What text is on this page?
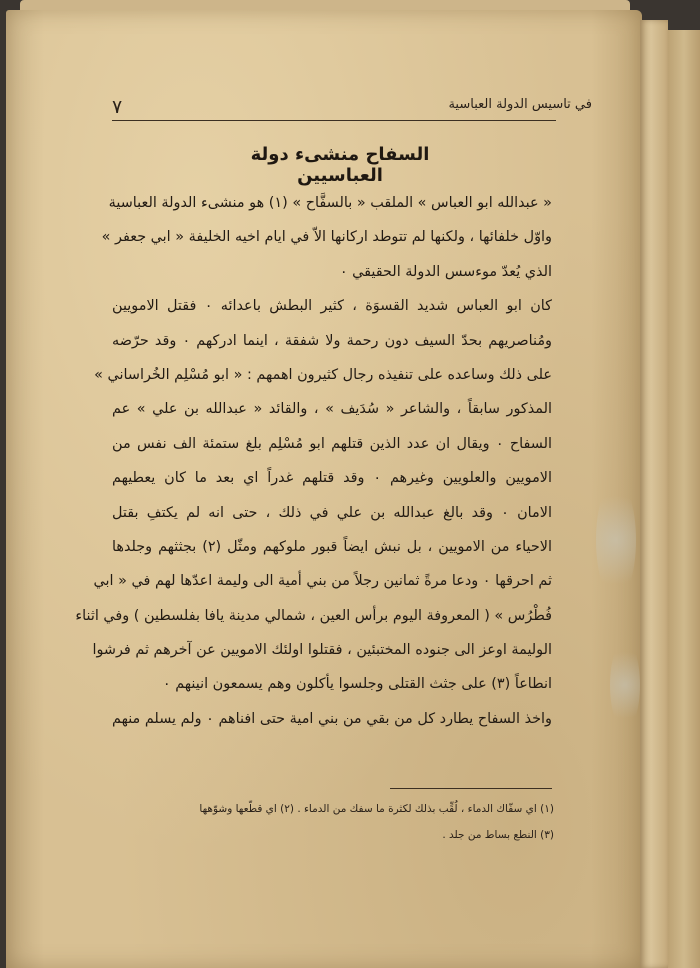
٧	في تاسيس الدولة العباسية
السفاح منشىء دولة العباسيين
« عبدالله ابو العباس » الملقب « بالسفَّاح » (١) هو منشىء الدولة العباسية
واوّل خلفائها ، ولكنها لم تتوطد اركانها الاّ في ايام اخيه الخليفة « ابي جعفر »
الذي يُعدّ موءسس الدولة الحقيقي ٠
كان ابو العباس شديد القسوَة ، كثير البطش باعدائه ٠ فقتل الامويين
ومُناصريهم بحدّ السيف دون رحمة ولا شفقة ، اينما ادركهم ٠ وقد حرّضه
على ذلك وساعده على تنفيذه رجال كثيرون اهمهم : « ابو مُسْلِم الخُراساني »
المذكور سابقاً ، والشاعر « سُدَيف » ، والقائد « عبدالله بن علي » عم
السفاح ٠ ويقال ان عدد الذين قتلهم ابو مُسْلِم بلغ ستمئة الف نفس من
الامويين والعلويين وغيرهم ٠ وقد قتلهم غدراً اي بعد ما كان يعطيهم
الامان ٠ وقد بالغ عبدالله بن علي في ذلك ، حتى انه لم يكتفِ بقتل
الاحياء من الامويين ، بل نبش ايضاً قبور ملوكهم ومثّل (٢) بجثثهم وجلدها
ثم احرقها ٠ ودعا مرةً ثمانين رجلاً من بني أمية الى وليمة اعدّها لهم في « ابي
فُطْرُس » ( المعروفة اليوم برأس العين ، شمالي مدينة يافا بفلسطين ) وفي اثناء
الوليمة اوعز الى جنوده المختبئين ، فقتلوا اولئك الامويين عن آخرهم ثم فرشوا
انطاعاً (٣) على جثث القتلى وجلسوا يأكلون وهم يسمعون انينهم ٠
واخذ السفاح يطارد كل من بقي من بني امية حتى افناهم ٠ ولم يسلم منهم
(١) اي سفّاك الدماء ، لُقِّب بذلك لكثرة ما سفك من الدماء . (٢) اي قطّعها وشوّهها
(٣) النطع بساط من جلد .
